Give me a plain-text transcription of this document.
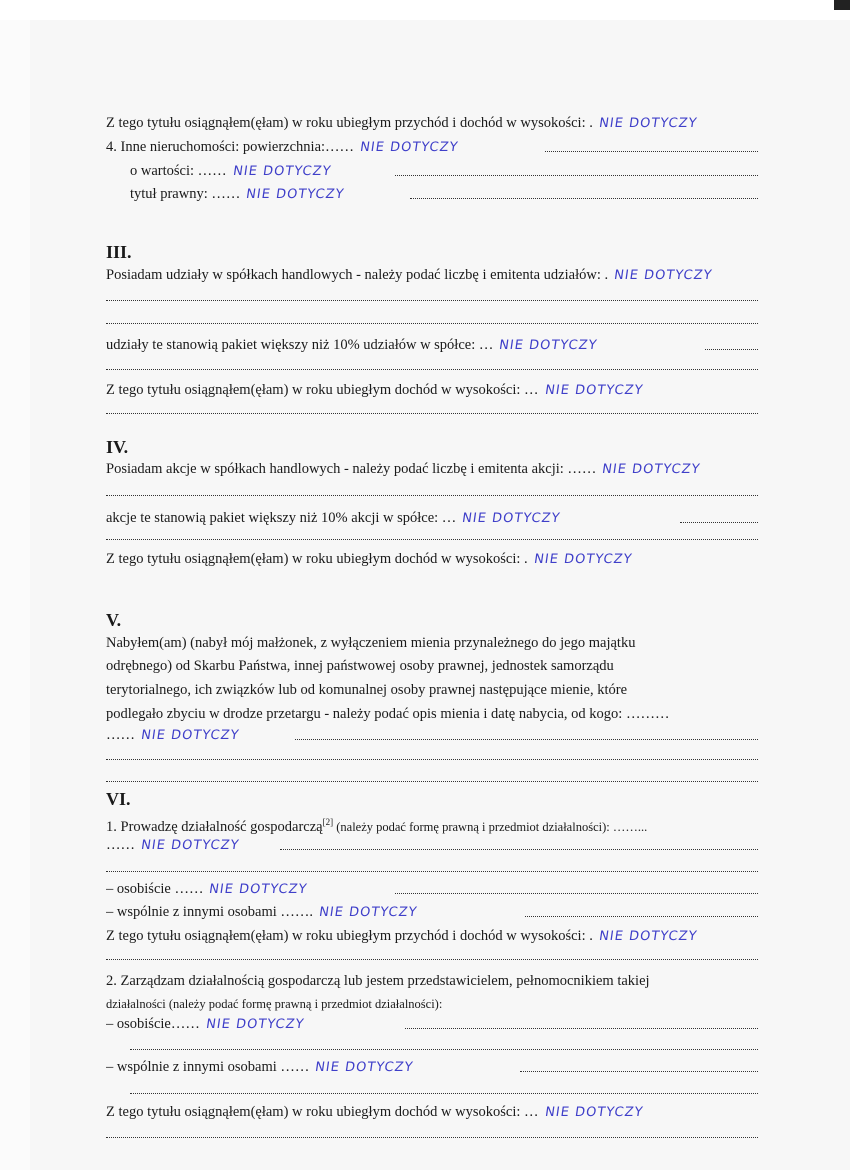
Z tego tytułu osiągnąłem(ęłam) w roku ubiegłym przychód i dochód w wysokości: . NIE DOTYCZY
4. Inne nieruchomości: powierzchnia:…… NIE DOTYCZY
o wartości: …… NIE DOTYCZY
tytuł prawny: …… NIE DOTYCZY
III.
Posiadam udziały w spółkach handlowych - należy podać liczbę i emitenta udziałów: . NIE DOTYCZY
udziały te stanowią pakiet większy niż 10% udziałów w spółce: … NIE DOTYCZY
Z tego tytułu osiągnąłem(ęłam) w roku ubiegłym dochód w wysokości: … NIE DOTYCZY
IV.
Posiadam akcje w spółkach handlowych - należy podać liczbę i emitenta akcji: …… NIE DOTYCZY
akcje te stanowią pakiet większy niż 10% akcji w spółce: … NIE DOTYCZY
Z tego tytułu osiągnąłem(ęłam) w roku ubiegłym dochód w wysokości: . NIE DOTYCZY
V.
Nabyłem(am) (nabył mój małżonek, z wyłączeniem mienia przynależnego do jego majątku
odrębnego) od Skarbu Państwa, innej państwowej osoby prawnej, jednostek samorządu
terytorialnego, ich związków lub od komunalnej osoby prawnej następujące mienie, które
podlegało zbyciu w drodze przetargu - należy podać opis mienia i datę nabycia, od kogo: ………
…… NIE DOTYCZY
VI.
1. Prowadzę działalność gospodarczą[2] (należy podać formę prawną i przedmiot działalności): ……...
…… NIE DOTYCZY
– osobiście …… NIE DOTYCZY
– wspólnie z innymi osobami ……. NIE DOTYCZY
Z tego tytułu osiągnąłem(ęłam) w roku ubiegłym przychód i dochód w wysokości: . NIE DOTYCZY
2. Zarządzam działalnością gospodarczą lub jestem przedstawicielem, pełnomocnikiem takiej
działalności (należy podać formę prawną i przedmiot działalności):
– osobiście…… NIE DOTYCZY
– wspólnie z innymi osobami …… NIE DOTYCZY
Z tego tytułu osiągnąłem(ęłam) w roku ubiegłym dochód w wysokości: … NIE DOTYCZY
